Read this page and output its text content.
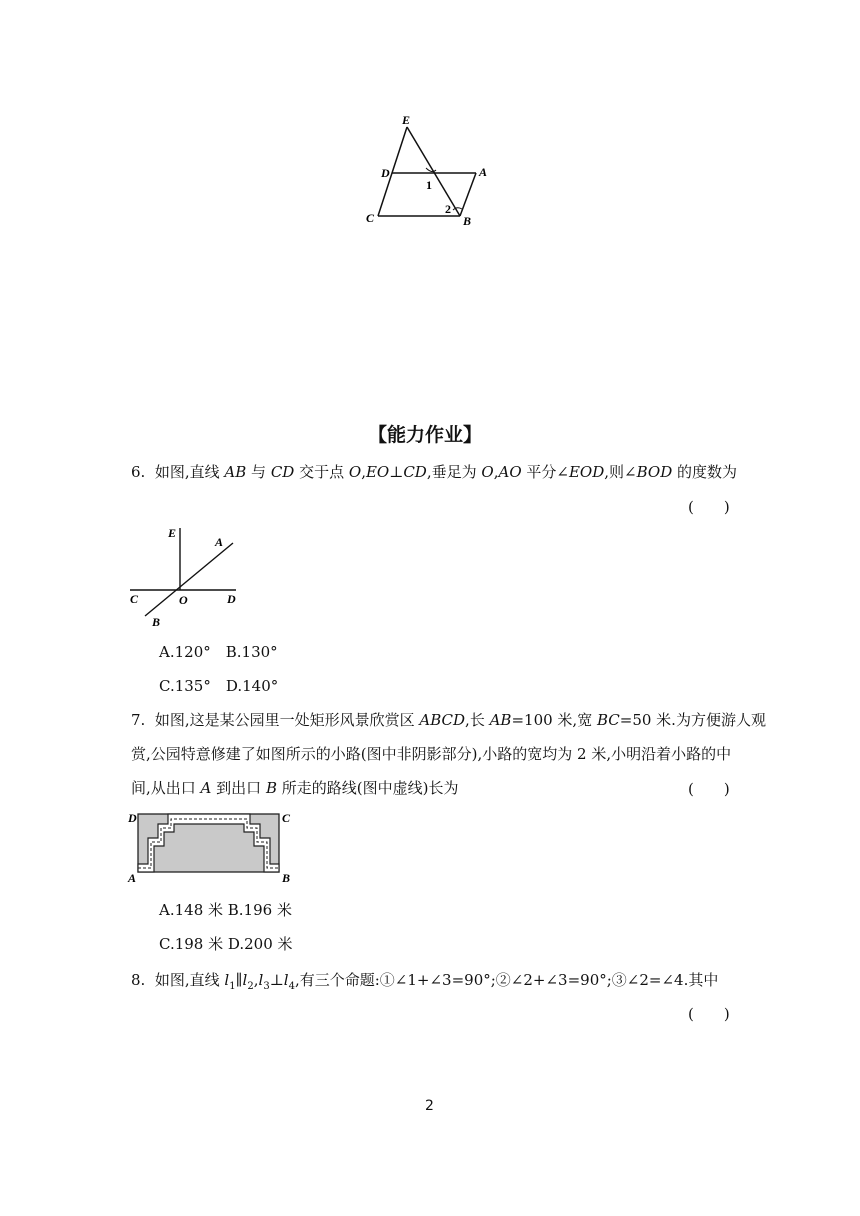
E
D	A
C	B
1
2
【能力作业】
6. 如图,直线 AB 与 CD 交于点 O,EO⊥CD,垂足为 O,AO 平分∠EOD,则∠BOD 的度数为
(　　)
E
A
C	O	D
B
A.120°　B.130°
C.135°　D.140°
7. 如图,这是某公园里一处矩形风景欣赏区 ABCD,长 AB=100 米,宽 BC=50 米.为方便游人观
赏,公园特意修建了如图所示的小路(图中非阴影部分),小路的宽均为 2 米,小明沿着小路的中
间,从出口 A 到出口 B 所走的路线(图中虚线)长为	(　　)
D	C
A	B
A.148 米 B.196 米
C.198 米 D.200 米
8. 如图,直线 $l_1\parallel l_2,l_3\perp l_4$,有三个命题:①∠1+∠3=90°;②∠2+∠3=90°;③∠2=∠4.其中
(　　)
2
